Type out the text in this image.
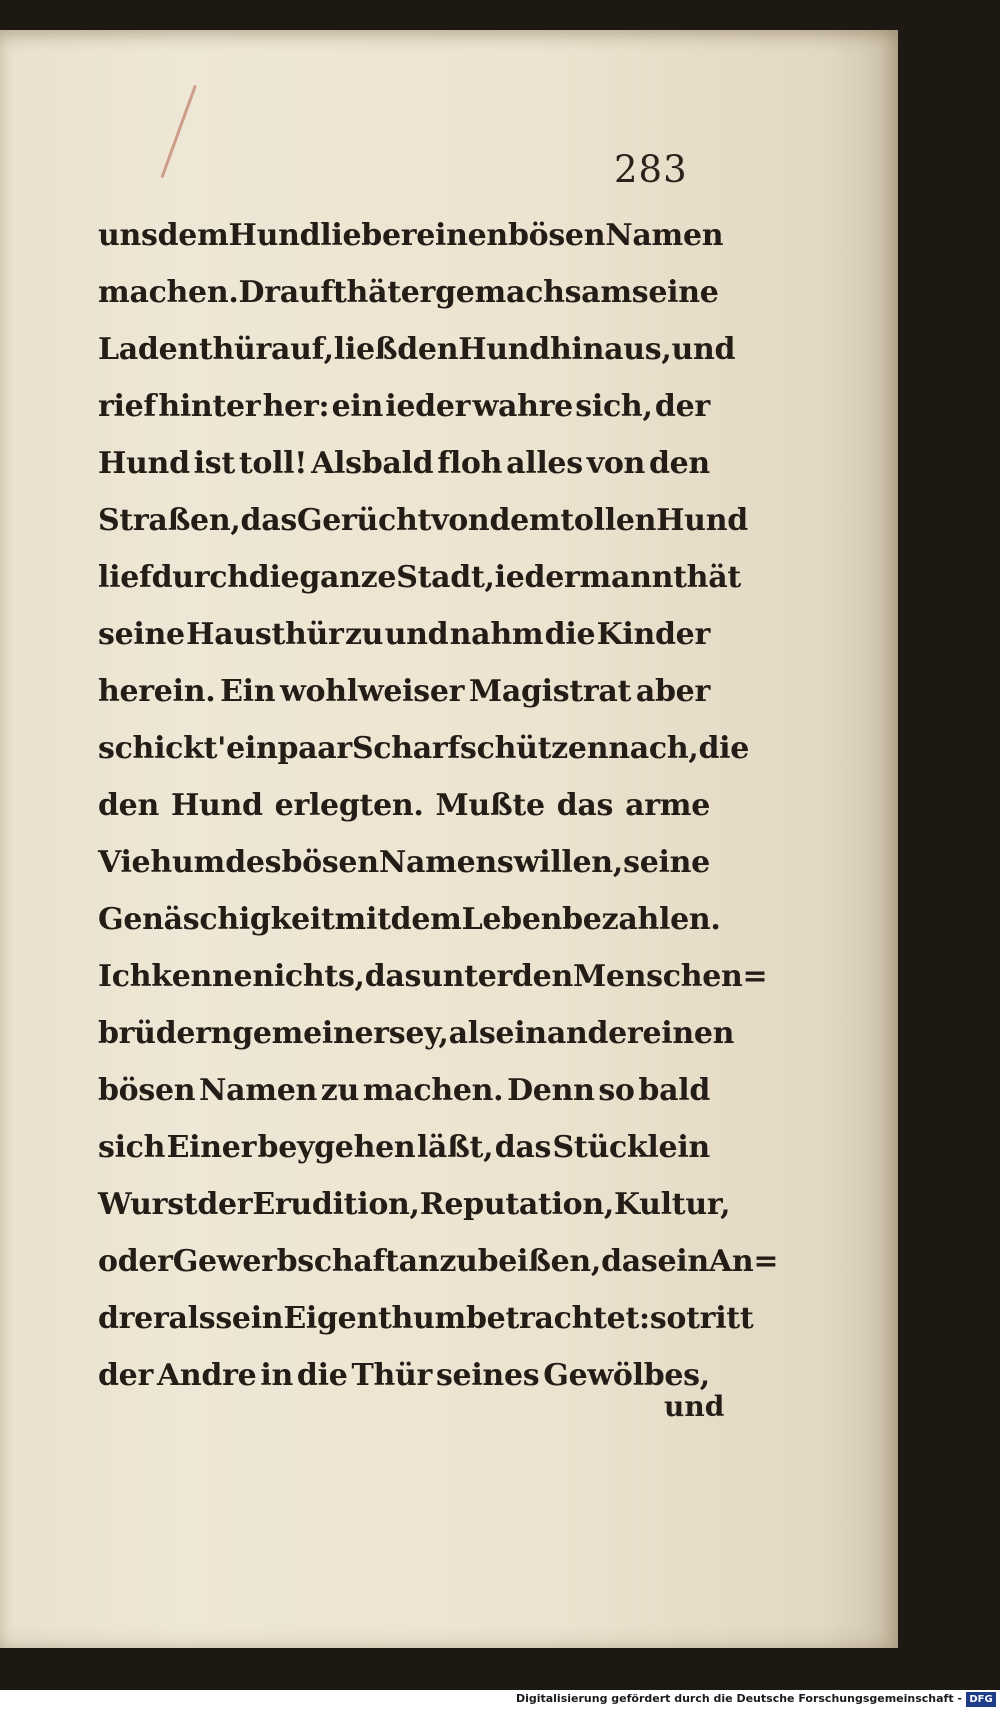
283
uns dem Hund lieber einen bösen Namen
machen. Drauf thät er gemachsam seine
Ladenthür auf, ließ den Hund hinaus, und
rief hinter her: ein ieder wahre sich, der
Hund ist toll! Alsbald floh alles von den
Straßen, das Gerücht von dem tollen Hund
lief durch die ganze Stadt, iedermann thät
seine Hausthür zu und nahm die Kinder
herein. Ein wohlweiser Magistrat aber
schickt' ein paar Scharfschützen nach, die
den Hund erlegten. Mußte das arme
Vieh um des bösen Namens willen, seine
Genäschigkeit mit dem Leben bezahlen.
Ich kenne nichts, das unter den Menschen=
brüdern gemeiner sey, als einander einen
bösen Namen zu machen. Denn so bald
sich Einer beygehen läßt, das Stücklein
Wurst der Erudition, Reputation, Kultur,
oder Gewerbschaft anzubeißen, das ein An=
drer als sein Eigenthum betrachtet: so tritt
der Andre in die Thür seines Gewölbes,
und
Digitalisierung gefördert durch die Deutsche Forschungsgemeinschaft - DFG
